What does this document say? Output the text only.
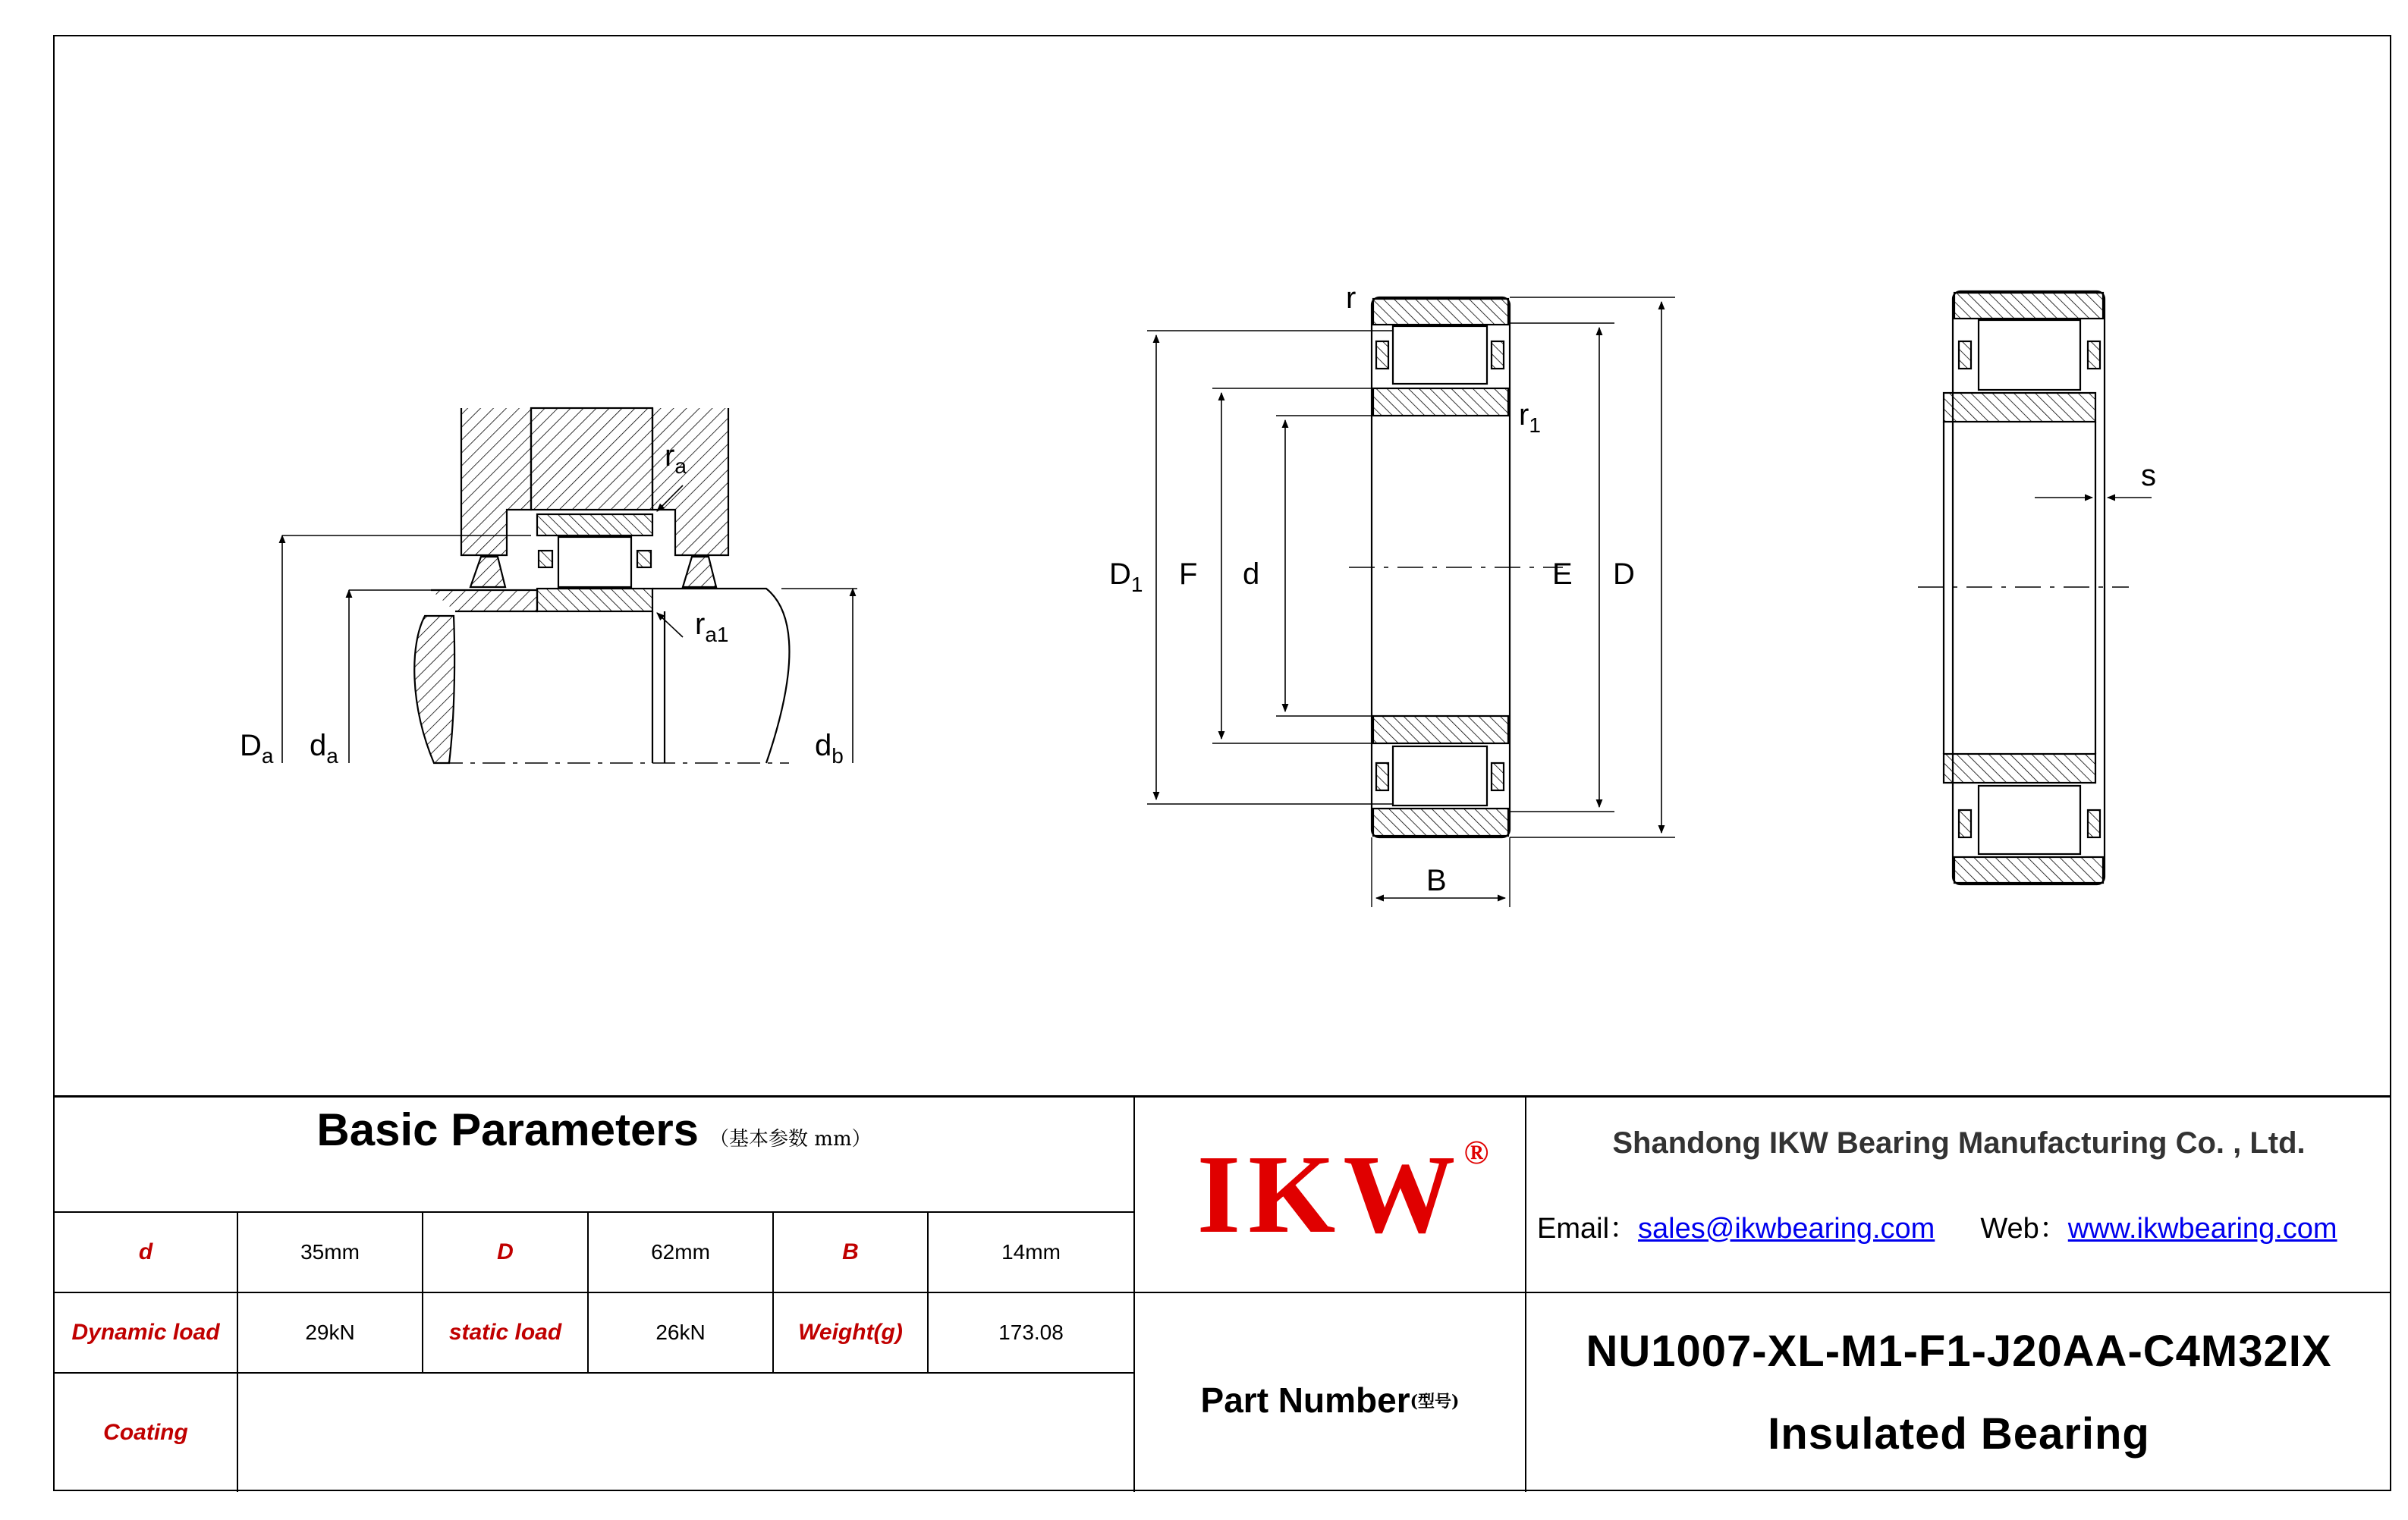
$D_a$ $d_a$	$d_b$
$r_a$
$r_{a1}$
$D_1$ F d	E D
B
r
$r_1$
s
Basic Parameters （基本参数 mm）
d	35mm	D	62mm	B	14mm
Dynamic load	29kN	static load	26kN	Weight(g)	173.08
Coating
IKW ®
Part Number (型号)
Shandong IKW Bearing Manufacturing Co. , Ltd.
Email：sales@ikwbearing.com Web：www.ikwbearing.com
NU1007-XL-M1-F1-J20AA-C4M32IX
Insulated Bearing
